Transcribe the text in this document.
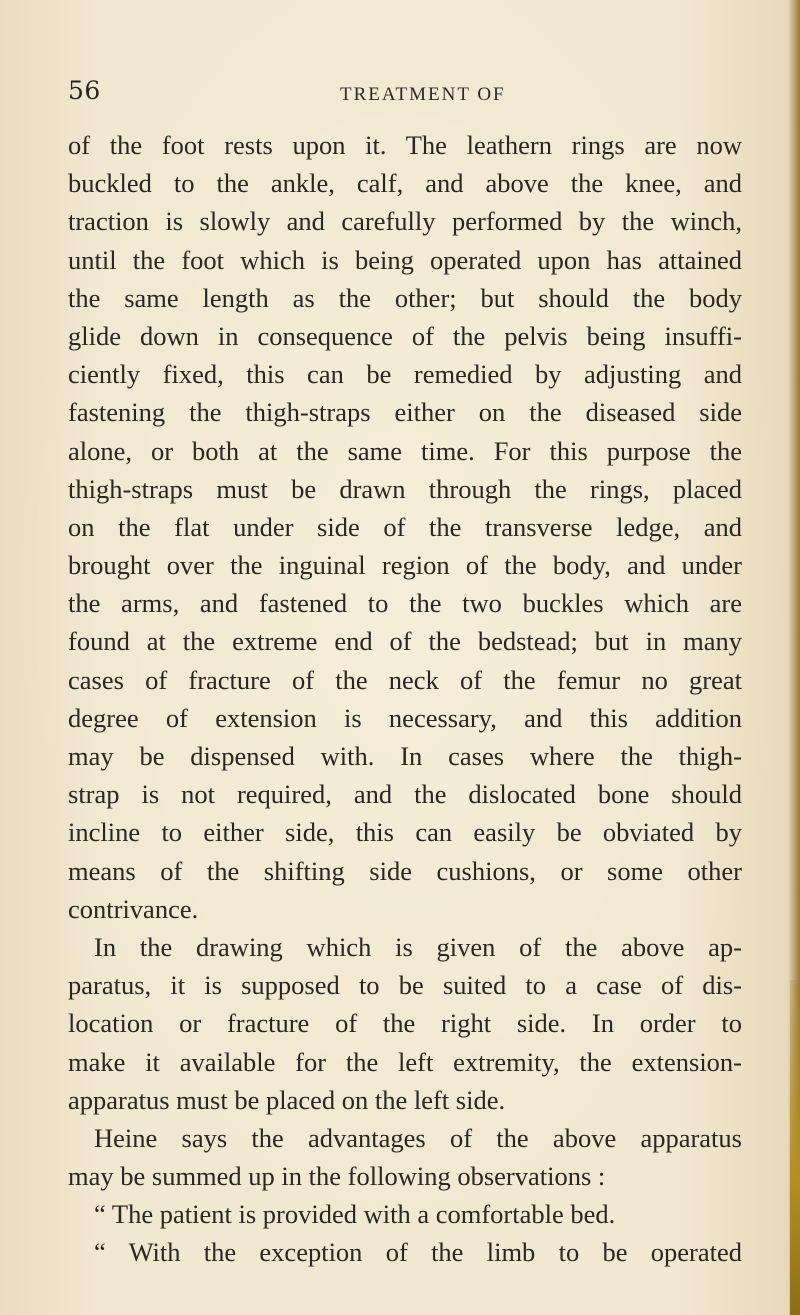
56	TREATMENT OF
of the foot rests upon it. The leathern rings are now
buckled to the ankle, calf, and above the knee, and
traction is slowly and carefully performed by the winch,
until the foot which is being operated upon has attained
the same length as the other; but should the body
glide down in consequence of the pelvis being insuffi-
ciently fixed, this can be remedied by adjusting and
fastening the thigh-straps either on the diseased side
alone, or both at the same time. For this purpose the
thigh-straps must be drawn through the rings, placed
on the flat under side of the transverse ledge, and
brought over the inguinal region of the body, and under
the arms, and fastened to the two buckles which are
found at the extreme end of the bedstead; but in many
cases of fracture of the neck of the femur no great
degree of extension is necessary, and this addition
may be dispensed with. In cases where the thigh-
strap is not required, and the dislocated bone should
incline to either side, this can easily be obviated by
means of the shifting side cushions, or some other
contrivance.
In the drawing which is given of the above ap-
paratus, it is supposed to be suited to a case of dis-
location or fracture of the right side. In order to
make it available for the left extremity, the extension-
apparatus must be placed on the left side.
Heine says the advantages of the above apparatus
may be summed up in the following observations :
“ The patient is provided with a comfortable bed.
“ With the exception of the limb to be operated
